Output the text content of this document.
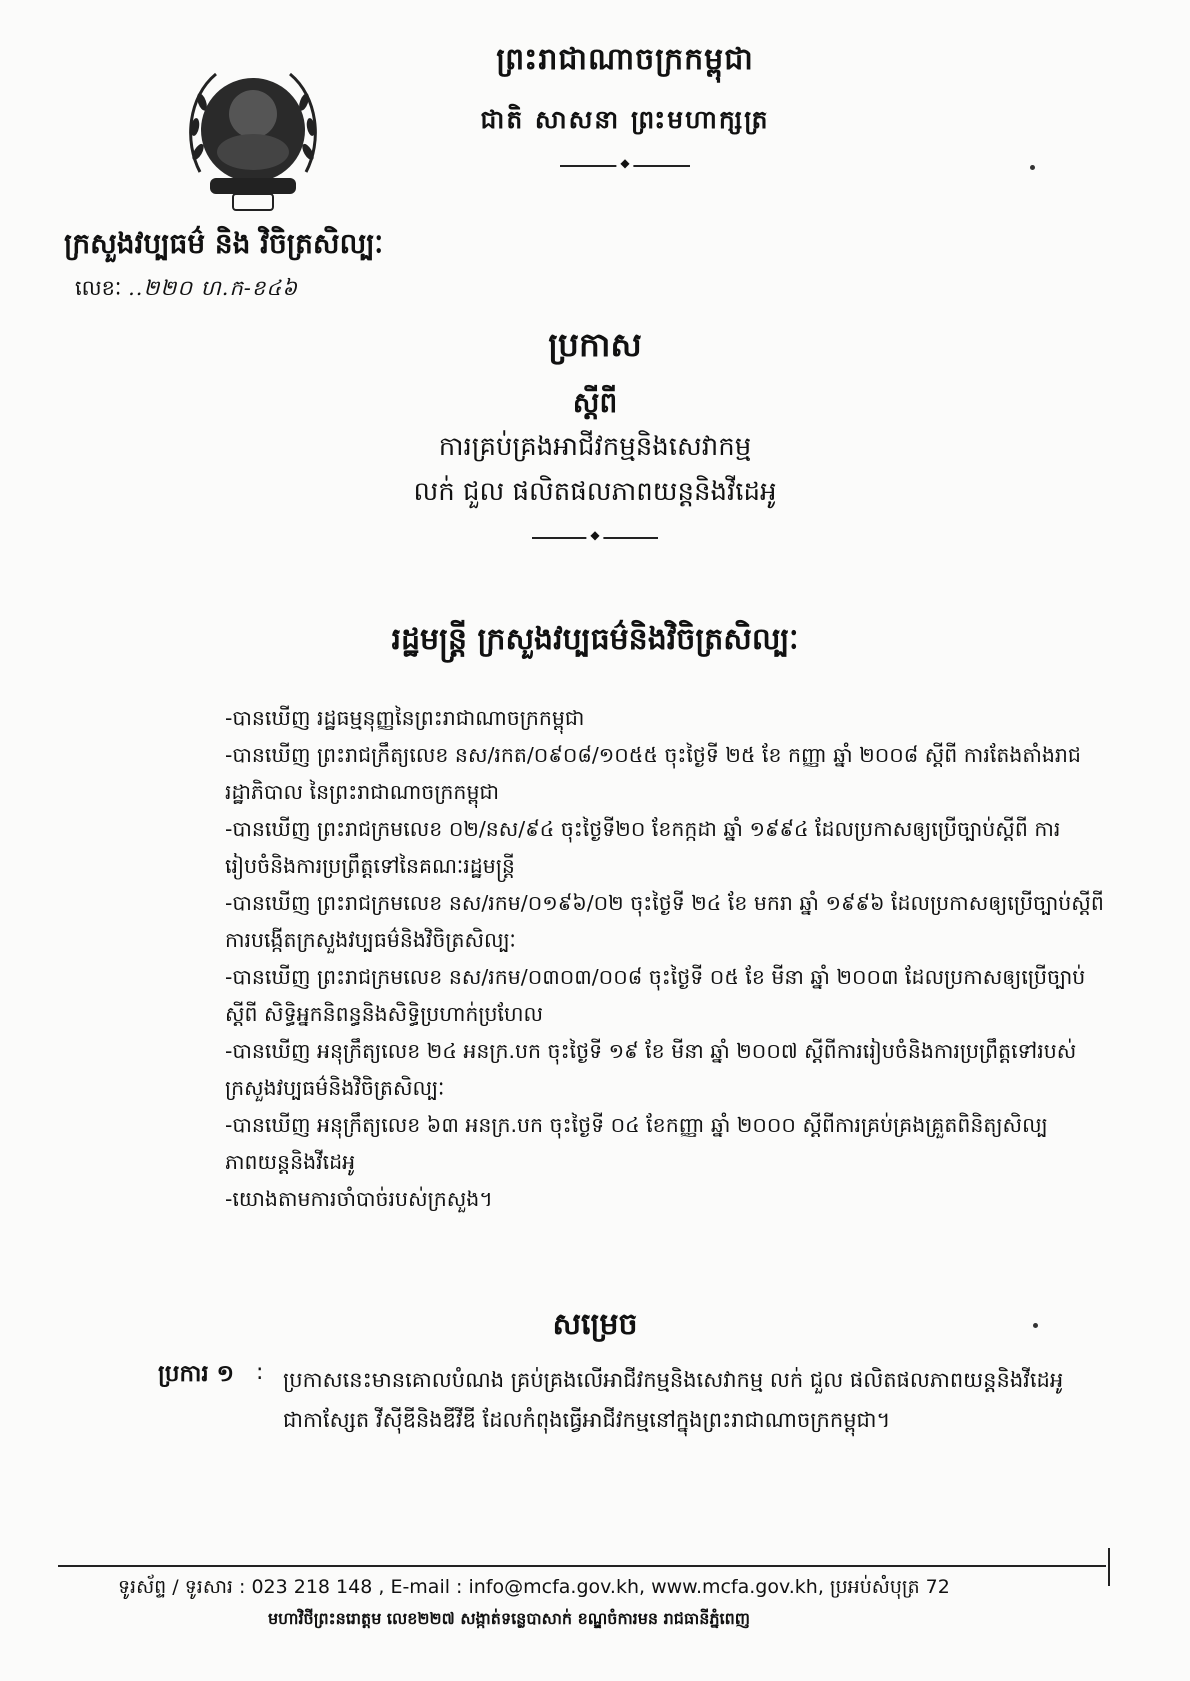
ព្រះរាជាណាចក្រកម្ពុជា
ជាតិ សាសនា ព្រះមហាក្សត្រ
◆
ក្រសួងវប្បធម៌ និង វិចិត្រសិល្បៈ
លេខៈ ..២២០ ហ.ក-ខ៤៦
ប្រកាស
ស្តីពី
ការគ្រប់គ្រងអាជីវកម្មនិងសេវាកម្ម
លក់ ជួល ផលិតផលភាពយន្តនិងវីដេអូ
◆
រដ្ឋមន្ត្រី ក្រសួងវប្បធម៌និងវិចិត្រសិល្បៈ
-បានឃើញ រដ្ឋធម្មនុញ្ញនៃព្រះរាជាណាចក្រកម្ពុជា
-បានឃើញ ព្រះរាជក្រឹត្យលេខ នស/រកត/០៩០៨/១០៥៥ ចុះថ្ងៃទី ២៥ ខែ កញ្ញា ឆ្នាំ ២០០៨ ស្តីពី ការតែងតាំងរាជរដ្ឋាភិបាល នៃព្រះរាជាណាចក្រកម្ពុជា
-បានឃើញ ព្រះរាជក្រមលេខ ០២/នស/៩៤ ចុះថ្ងៃទី២០ ខែកក្កដា ឆ្នាំ ១៩៩៤ ដែលប្រកាសឲ្យប្រើច្បាប់ស្តីពី ការរៀបចំនិងការប្រព្រឹត្តទៅនៃគណៈរដ្ឋមន្ត្រី
-បានឃើញ ព្រះរាជក្រមលេខ នស/រកម/០១៩៦/០២ ចុះថ្ងៃទី ២៤ ខែ មករា ឆ្នាំ ១៩៩៦ ដែលប្រកាសឲ្យប្រើច្បាប់ស្តីពី ការបង្កើតក្រសួងវប្បធម៌និងវិចិត្រសិល្បៈ
-បានឃើញ ព្រះរាជក្រមលេខ នស/រកម/០៣០៣/០០៨ ចុះថ្ងៃទី ០៥ ខែ មីនា ឆ្នាំ ២០០៣ ដែលប្រកាសឲ្យប្រើច្បាប់ស្តីពី សិទ្ធិអ្នកនិពន្ធនិងសិទ្ធិប្រហាក់ប្រហែល
-បានឃើញ អនុក្រឹត្យលេខ ២៤ អនក្រ.បក ចុះថ្ងៃទី ១៩ ខែ មីនា ឆ្នាំ ២០០៧ ស្តីពីការរៀបចំនិងការប្រព្រឹត្តទៅរបស់ក្រសួងវប្បធម៌និងវិចិត្រសិល្បៈ
-បានឃើញ អនុក្រឹត្យលេខ ៦៣ អនក្រ.បក ចុះថ្ងៃទី ០៤ ខែកញ្ញា ឆ្នាំ ២០០០ ស្តីពីការគ្រប់គ្រងគ្រួតពិនិត្យសិល្បភាពយន្តនិងវីដេអូ
-យោងតាមការចាំបាច់របស់ក្រសួង។
សម្រេច
ប្រការ ១ : ប្រកាសនេះមានគោលបំណង គ្រប់គ្រងលើអាជីវកម្មនិងសេវាកម្ម លក់ ជួល ផលិតផលភាពយន្តនិងវីដេអូ ជាកាស្សែត វីស៊ីឌីនិងឌីវីឌី ដែលកំពុងធ្វើអាជីវកម្មនៅក្នុងព្រះរាជាណាចក្រកម្ពុជា។
ទូរស័ព្ទ / ទូរសារ : 023 218 148 , E-mail : info@mcfa.gov.kh, www.mcfa.gov.kh, ប្រអប់សំបុត្រ 72
មហាវិថីព្រះនរោត្តម លេខ២២៧ សង្កាត់ទន្លេបាសាក់ ខណ្ឌចំការមន រាជធានីភ្នំពេញ
